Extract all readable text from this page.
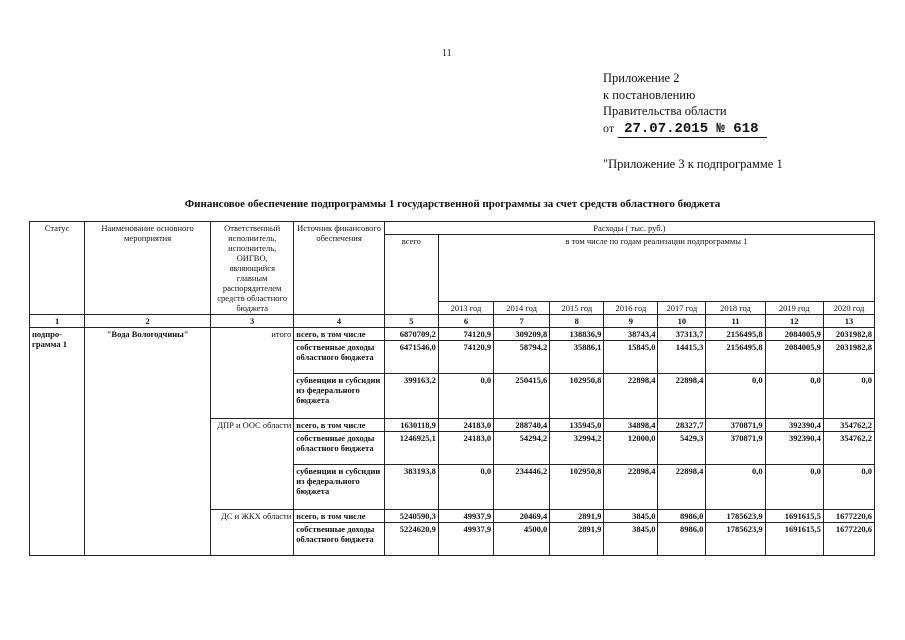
11
Приложение 2
к постановлению
Правительства области
от 27.07.2015 № 618
"Приложение 3 к подпрограмме 1
Финансовое обеспечение подпрограммы 1 государственной программы за счет средств областного бюджета
Статус	Наименование основного мероприятия	Ответственный исполнитель, исполнитель, ОИГВО, являющийся главным распорядителем средств областного бюджета	Источник финансового обеспечения	Расходы ( тыс. руб.)								
				всего	в том числе по годам реализации подпрограммы 1							
					2013 год	2014 год	2015 год	2016 год	2017 год	2018 год	2019 год	2020 год
1	2	3	4	5	6	7	8	9	10	11	12	13
подпро-грамма 1	"Вода Вологодчины"	итого	всего, в том числе	6870709,2	74120,9	309209,8	138836,9	38743,4	37313,7	2156495,8	2084005,9	2031982,8
			собственные доходы областного бюджета	6471546,0	74120,9	58794,2	35886,1	15845,0	14415,3	2156495,8	2084005,9	2031982,8
			субвенции и субсидии из федерального бюджета	399163,2	0,0	250415,6	102950,8	22898,4	22898,4	0,0	0,0	0,0
		ДПР и ООС области	всего, в том числе	1630118,9	24183,0	288740,4	135945,0	34898,4	28327,7	370871,9	392390,4	354762,2
			собственные доходы областного бюджета	1246925,1	24183,0	54294,2	32994,2	12000,0	5429,3	370871,9	392390,4	354762,2
			субвенции и субсидии из федерального бюджета	383193,8	0,0	234446,2	102950,8	22898,4	22898,4	0,0	0,0	0,0
		ДС и ЖКХ области	всего, в том числе	5240590,3	49937,9	20469,4	2891,9	3845,0	8986,0	1785623,9	1691615,5	1677220,6
			собственные доходы областного бюджета	5224620,9	49937,9	4500,0	2891,9	3845,0	8986,0	1785623,9	1691615,5	1677220,6
